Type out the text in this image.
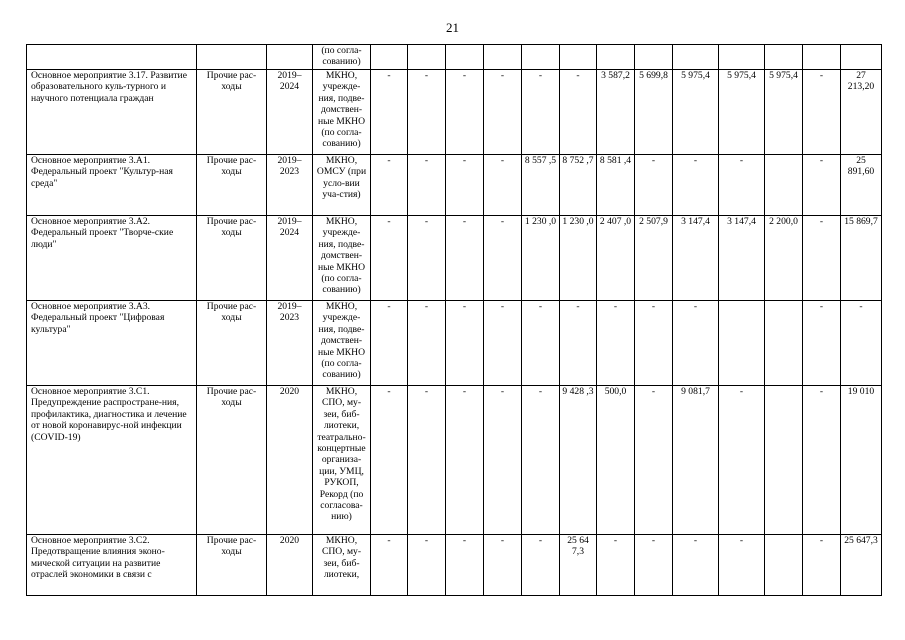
21
			(по согла- сованию)													
Основное мероприятие 3.17. Развитие образовательного куль-турного и научного потенциала граждан	Прочие рас-ходы	2019–2024	МКНО, учрежде-ния, подве-домствен-ные МКНО (по согла-сованию)	-	-	-	-	-	-	3 587,2	5 699,8	5 975,4	5 975,4	5 975,4	-	27 213,20
Основное мероприятие 3.А1. Федеральный проект "Культур-ная среда"	Прочие рас-ходы	2019–2023	МКНО, ОМСУ (при усло-вии уча-стия)	-	-	-	-	8 557 ,5	8 752 ,7	8 581 ,4	-	-	-		-	25 891,60
Основное мероприятие 3.А2. Федеральный проект "Творче-ские люди"	Прочие рас-ходы	2019–2024	МКНО, учрежде-ния, подве-домствен-ные МКНО (по согла-сованию)	-	-	-	-	1 230 ,0	1 230 ,0	2 407 ,0	2 507,9	3 147,4	3 147,4	2 200,0	-	15 869,7
Основное мероприятие 3.А3. Федеральный проект "Цифровая культура"	Прочие рас-ходы	2019–2023	МКНО, учрежде-ния, подве-домствен-ные МКНО (по согла-сованию)	-	-	-	-	-	-	-	-	-			-	-
Основное мероприятие 3.С1. Предупреждение распростране-ния, профилактика, диагностика и лечение от новой коронавирус-ной инфекции (COVID-19)	Прочие рас-ходы	2020	МКНО, СПО, му-зеи, биб-лиотеки, театрально-концертные организа-ции, УМЦ, РУКОП, Рекорд (по согласова-нию)	-	-	-	-	-	9 428 ,3	500,0	-	9 081,7	-		-	19 010
Основное мероприятие 3.С2. Предотвращение влияния эконо-мической ситуации на развитие отраслей экономики в связи с	Прочие рас-ходы	2020	МКНО, СПО, му-зеи, биб-лиотеки,	-	-	-	-	-	25 64 7,3	-	-	-	-		-	25 647,3
